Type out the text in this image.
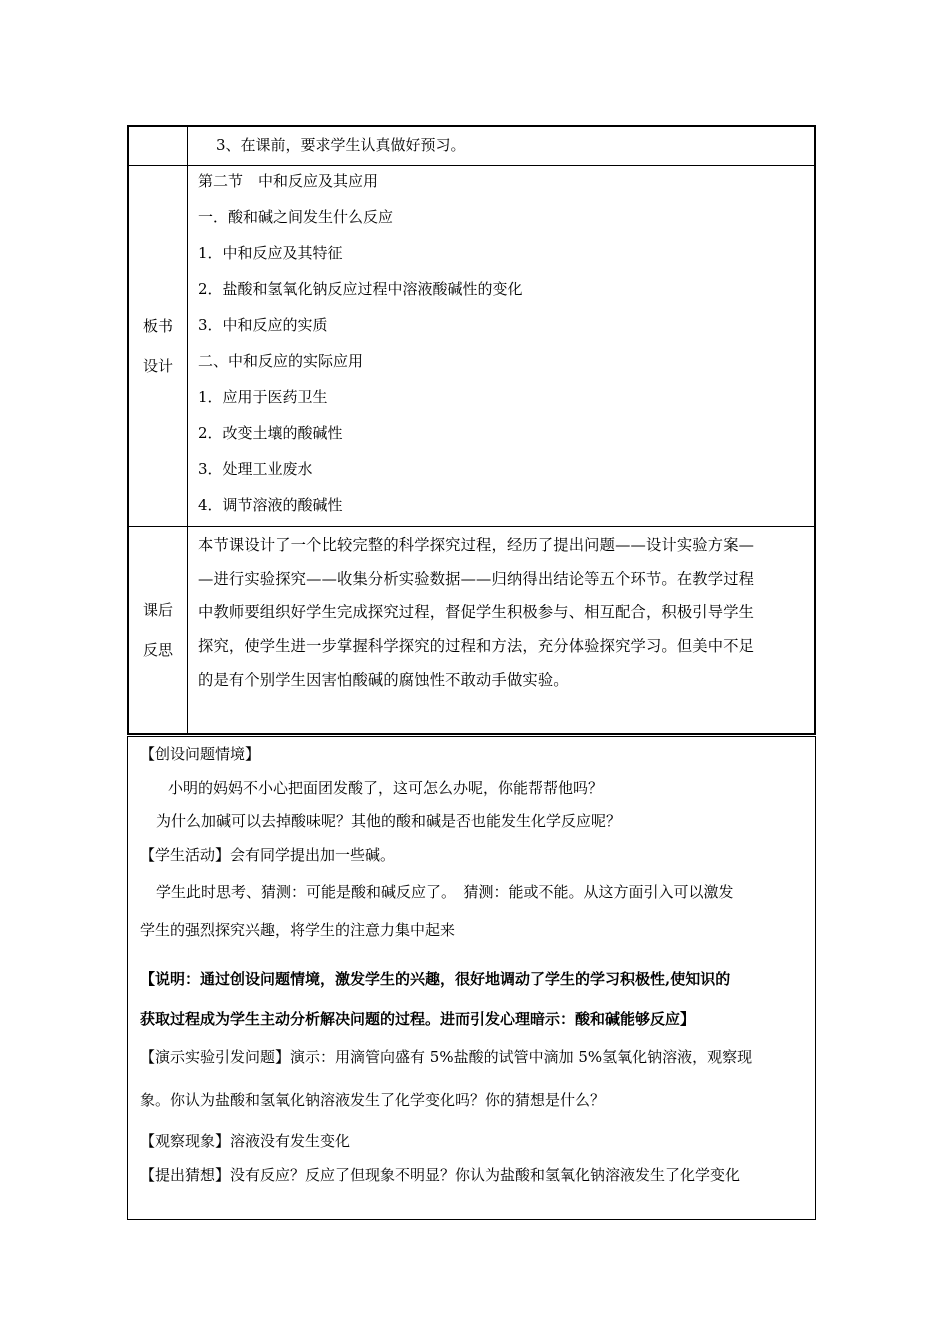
3、在课前，要求学生认真做好预习。
板书
设计
第二节　中和反应及其应用
一．酸和碱之间发生什么反应
1．中和反应及其特征
2．盐酸和氢氧化钠反应过程中溶液酸碱性的变化
3．中和反应的实质
二、中和反应的实际应用
1．应用于医药卫生
2．改变土壤的酸碱性
3．处理工业废水
4．调节溶液的酸碱性
课后
反思
本节课设计了一个比较完整的科学探究过程，经历了提出问题——设计实验方案—
—进行实验探究——收集分析实验数据——归纳得出结论等五个环节。在教学过程
中教师要组织好学生完成探究过程，督促学生积极参与、相互配合，积极引导学生
探究，使学生进一步掌握科学探究的过程和方法，充分体验探究学习。但美中不足
的是有个别学生因害怕酸碱的腐蚀性不敢动手做实验。
【创设问题情境】
小明的妈妈不小心把面团发酸了，这可怎么办呢，你能帮帮他吗？
为什么加碱可以去掉酸味呢？其他的酸和碱是否也能发生化学反应呢？
【学生活动】会有同学提出加一些碱。
学生此时思考、猜测：可能是酸和碱反应了。　猜测：能或不能。从这方面引入可以激发
学生的强烈探究兴趣，将学生的注意力集中起来
【说明：通过创设问题情境，激发学生的兴趣，很好地调动了学生的学习积极性,使知识的
获取过程成为学生主动分析解决问题的过程。进而引发心理暗示：酸和碱能够反应】
【演示实验引发问题】演示：用滴管向盛有 5%盐酸的试管中滴加 5%氢氧化钠溶液，观察现
象。你认为盐酸和氢氧化钠溶液发生了化学变化吗？你的猜想是什么？
【观察现象】溶液没有发生变化
【提出猜想】没有反应？反应了但现象不明显？你认为盐酸和氢氧化钠溶液发生了化学变化
